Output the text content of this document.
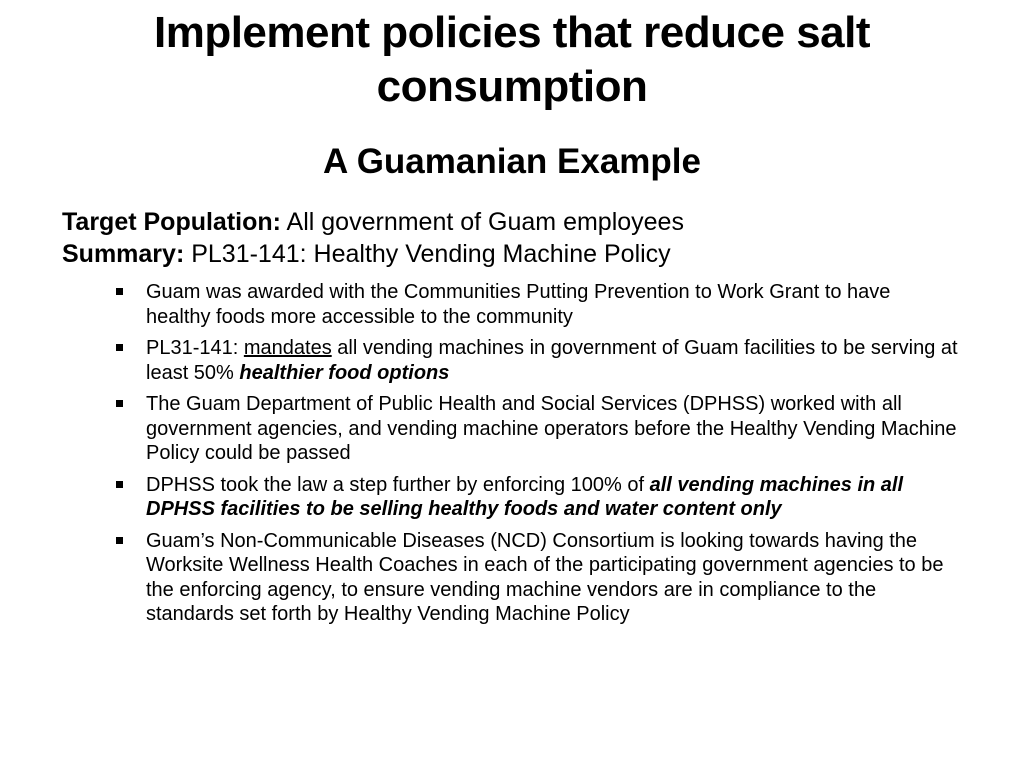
Implement policies that reduce salt consumption
A Guamanian Example
Target Population: All government of Guam employees
Summary: PL31-141: Healthy Vending Machine Policy
Guam was awarded with the Communities Putting Prevention to Work Grant to have healthy foods more accessible to the community
PL31-141: mandates all vending machines in government of Guam facilities to be serving at least 50% healthier food options
The Guam Department of Public Health and Social Services (DPHSS) worked with all government agencies, and vending machine operators before the Healthy Vending Machine Policy could be passed
DPHSS took the law a step further by enforcing 100% of all vending machines in all DPHSS facilities to be selling healthy foods and water content only
Guam’s Non-Communicable Diseases (NCD) Consortium is looking towards having the Worksite Wellness Health Coaches in each of the participating government agencies to be the enforcing agency, to ensure vending machine vendors are in compliance to the standards set forth by Healthy Vending Machine Policy
